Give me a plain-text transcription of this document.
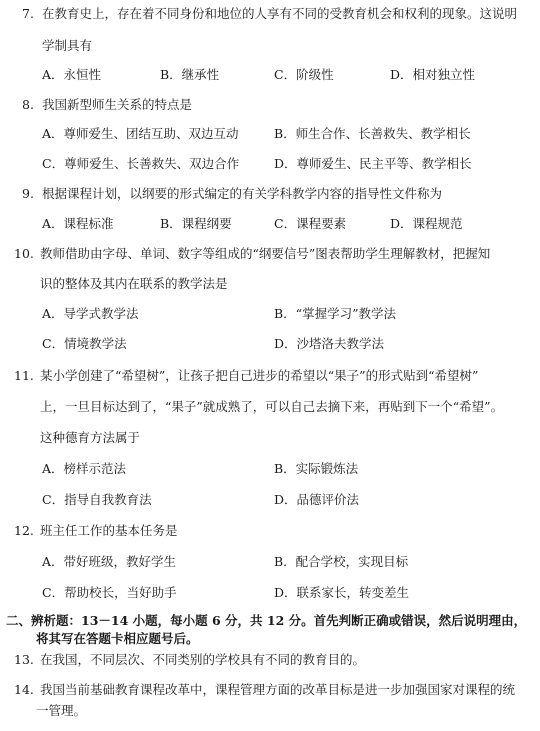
7. 在教育史上，存在着不同身份和地位的人享有不同的受教育机会和权利的现象。这说明
学制具有
A．永恒性	B．继承性	C．阶级性	D．相对独立性
8. 我国新型师生关系的特点是
A．尊师爱生、团结互助、双边互动	B．师生合作、长善救失、教学相长
C．尊师爱生、长善救失、双边合作	D．尊师爱生、民主平等、教学相长
9. 根据课程计划，以纲要的形式编定的有关学科教学内容的指导性文件称为
A．课程标准	B．课程纲要	C．课程要素	D．课程规范
10. 教师借助由字母、单词、数字等组成的“纲要信号”图表帮助学生理解教材，把握知
识的整体及其内在联系的教学法是
A．导学式教学法	B．“掌握学习”教学法
C．情境教学法	D．沙塔洛夫教学法
11. 某小学创建了“希望树”，让孩子把自己进步的希望以“果子”的形式贴到“希望树”
上，一旦目标达到了，“果子”就成熟了，可以自己去摘下来，再贴到下一个“希望”。
这种德育方法属于
A．榜样示范法	B．实际锻炼法
C．指导自我教育法	D．品德评价法
12. 班主任工作的基本任务是
A．带好班级，教好学生	B．配合学校，实现目标
C．帮助校长，当好助手	D．联系家长，转变差生
二、辨析题：13－14 小题，每小题 6 分，共 12 分。首先判断正确或错误，然后说明理由，
将其写在答题卡相应题号后。
13. 在我国，不同层次、不同类别的学校具有不同的教育目的。
14. 我国当前基础教育课程改革中，课程管理方面的改革目标是进一步加强国家对课程的统
一管理。
